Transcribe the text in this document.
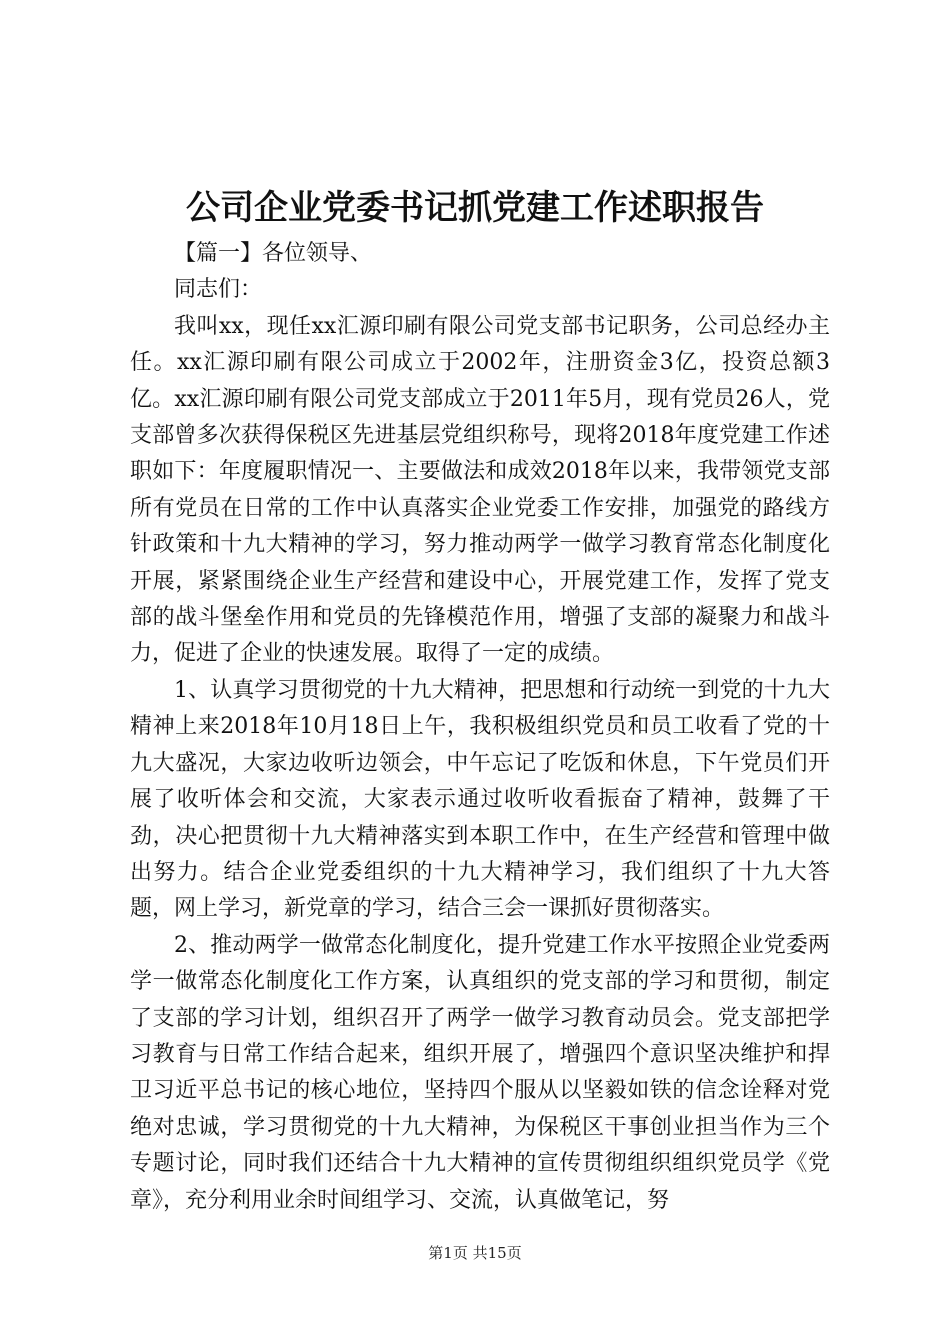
公司企业党委书记抓党建工作述职报告

【篇一】各位领导、

同志们：

我叫xx，现任xx汇源印刷有限公司党支部书记职务，公司总经办主任。xx汇源印刷有限公司成立于2002年，注册资金3亿，投资总额3亿。xx汇源印刷有限公司党支部成立于2011年5月，现有党员26人，党支部曾多次获得保税区先进基层党组织称号，现将2018年度党建工作述职如下：年度履职情况一、主要做法和成效2018年以来，我带领党支部所有党员在日常的工作中认真落实企业党委工作安排，加强党的路线方针政策和十九大精神的学习，努力推动两学一做学习教育常态化制度化开展，紧紧围绕企业生产经营和建设中心，开展党建工作，发挥了党支部的战斗堡垒作用和党员的先锋模范作用，增强了支部的凝聚力和战斗力，促进了企业的快速发展。取得了一定的成绩。

1、认真学习贯彻党的十九大精神，把思想和行动统一到党的十九大精神上来2018年10月18日上午，我积极组织党员和员工收看了党的十九大盛况，大家边收听边领会，中午忘记了吃饭和休息，下午党员们开展了收听体会和交流，大家表示通过收听收看振奋了精神，鼓舞了干劲，决心把贯彻十九大精神落实到本职工作中，在生产经营和管理中做出努力。结合企业党委组织的十九大精神学习，我们组织了十九大答题，网上学习，新党章的学习，结合三会一课抓好贯彻落实。

2、推动两学一做常态化制度化，提升党建工作水平按照企业党委两学一做常态化制度化工作方案，认真组织的党支部的学习和贯彻，制定了支部的学习计划，组织召开了两学一做学习教育动员会。党支部把学习教育与日常工作结合起来，组织开展了，增强四个意识坚决维护和捍卫习近平总书记的核心地位，坚持四个服从以坚毅如铁的信念诠释对党绝对忠诚，学习贯彻党的十九大精神，为保税区干事创业担当作为三个专题讨论，同时我们还结合十九大精神的宣传贯彻组织组织党员学《党章》，充分利用业余时间组学习、交流，认真做笔记，努

第1页 共15页
